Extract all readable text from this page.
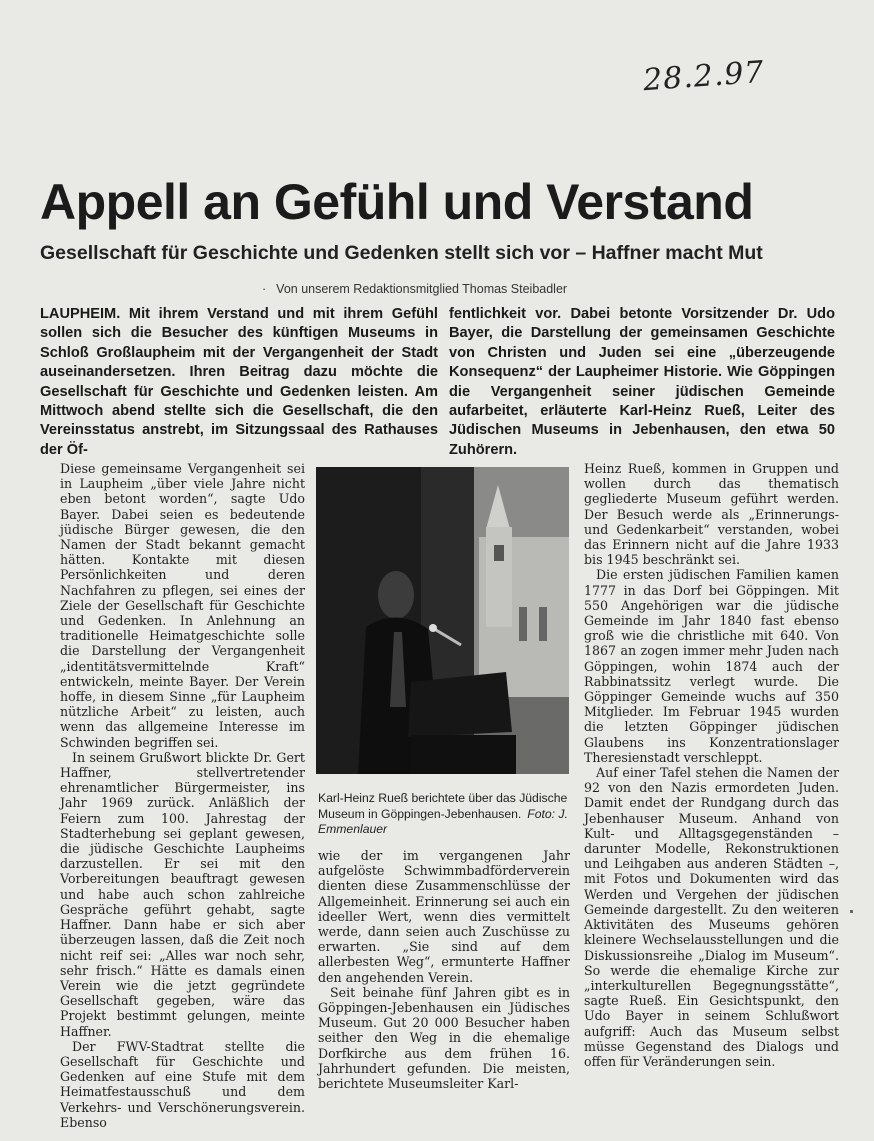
28.2.97
Appell an Gefühl und Verstand
Gesellschaft für Geschichte und Gedenken stellt sich vor – Haffner macht Mut
· Von unserem Redaktionsmitglied Thomas Steibadler
LAUPHEIM. Mit ihrem Verstand und mit ihrem Gefühl sollen sich die Besucher des künftigen Museums in Schloß Großlaupheim mit der Vergangenheit der Stadt auseinandersetzen. Ihren Beitrag dazu möchte die Gesellschaft für Geschichte und Gedenken leisten. Am Mittwoch abend stellte sich die Gesellschaft, die den Vereinsstatus anstrebt, im Sitzungssaal des Rathauses der Öf-
fentlichkeit vor. Dabei betonte Vorsitzender Dr. Udo Bayer, die Darstellung der gemeinsamen Geschichte von Christen und Juden sei eine „überzeugende Konsequenz“ der Laupheimer Historie. Wie Göppingen die Vergangenheit seiner jüdischen Gemeinde aufarbeitet, erläuterte Karl-Heinz Rueß, Leiter des Jüdischen Museums in Jebenhausen, den etwa 50 Zuhörern.

Diese gemeinsame Vergangenheit sei in Laupheim „über viele Jahre nicht eben betont worden“, sagte Udo Bayer. Dabei seien es bedeutende jüdische Bürger gewesen, die den Namen der Stadt bekannt gemacht hätten. Kontakte mit diesen Persönlichkeiten und deren Nachfahren zu pflegen, sei eines der Ziele der Gesellschaft für Geschichte und Gedenken. In Anlehnung an traditionelle Heimatgeschichte solle die Darstellung der Vergangenheit „identitätsvermittelnde Kraft“ entwickeln, meinte Bayer. Der Verein hoffe, in diesem Sinne „für Laupheim nützliche Arbeit“ zu leisten, auch wenn das allgemeine Interesse im Schwinden begriffen sei.

In seinem Grußwort blickte Dr. Gert Haffner, stellvertretender ehrenamtlicher Bürgermeister, ins Jahr 1969 zurück. Anläßlich der Feiern zum 100. Jahrestag der Stadterhebung sei geplant gewesen, die jüdische Geschichte Laupheims darzustellen. Er sei mit den Vorbereitungen beauftragt gewesen und habe auch schon zahlreiche Gespräche geführt gehabt, sagte Haffner. Dann habe er sich aber überzeugen lassen, daß die Zeit noch nicht reif sei: „Alles war noch sehr, sehr frisch.“ Hätte es damals einen Verein wie die jetzt gegründete Gesellschaft gegeben, wäre das Projekt bestimmt gelungen, meinte Haffner.

Der FWV-Stadtrat stellte die Gesellschaft für Geschichte und Gedenken auf eine Stufe mit dem Heimatfestausschuß und dem Verkehrs- und Verschönerungsverein. Ebenso

Karl-Heinz Rueß berichtete über das Jüdische Museum in Göppingen-Jebenhausen. Foto: J. Emmenlauer

wie der im vergangenen Jahr aufgelöste Schwimmbadförderverein dienten diese Zusammenschlüsse der Allgemeinheit. Erinnerung sei auch ein ideeller Wert, wenn dies vermittelt werde, dann seien auch Zuschüsse zu erwarten. „Sie sind auf dem allerbesten Weg“, ermunterte Haffner den angehenden Verein.

Seit beinahe fünf Jahren gibt es in Göppingen-Jebenhausen ein Jüdisches Museum. Gut 20 000 Besucher haben seither den Weg in die ehemalige Dorfkirche aus dem frühen 16. Jahrhundert gefunden. Die meisten, berichtete Museumsleiter Karl-

Heinz Rueß, kommen in Gruppen und wollen durch das thematisch gegliederte Museum geführt werden. Der Besuch werde als „Erinnerungs- und Gedenkarbeit“ verstanden, wobei das Erinnern nicht auf die Jahre 1933 bis 1945 beschränkt sei.

Die ersten jüdischen Familien kamen 1777 in das Dorf bei Göppingen. Mit 550 Angehörigen war die jüdische Gemeinde im Jahr 1840 fast ebenso groß wie die christliche mit 640. Von 1867 an zogen immer mehr Juden nach Göppingen, wohin 1874 auch der Rabbinatssitz verlegt wurde. Die Göppinger Gemeinde wuchs auf 350 Mitglieder. Im Februar 1945 wurden die letzten Göppinger jüdischen Glaubens ins Konzentrationslager Theresienstadt verschleppt.

Auf einer Tafel stehen die Namen der 92 von den Nazis ermordeten Juden. Damit endet der Rundgang durch das Jebenhauser Museum. Anhand von Kult- und Alltagsgegenständen – darunter Modelle, Rekonstruktionen und Leihgaben aus anderen Städten –, mit Fotos und Dokumenten wird das Werden und Vergehen der jüdischen Gemeinde dargestellt. Zu den weiteren Aktivitäten des Museums gehören kleinere Wechselausstellungen und die Diskussionsreihe „Dialog im Museum“. So werde die ehemalige Kirche zur „interkulturellen Begegnungsstätte“, sagte Rueß. Ein Gesichtspunkt, den Udo Bayer in seinem Schlußwort aufgriff: Auch das Museum selbst müsse Gegenstand des Dialogs und offen für Veränderungen sein.
